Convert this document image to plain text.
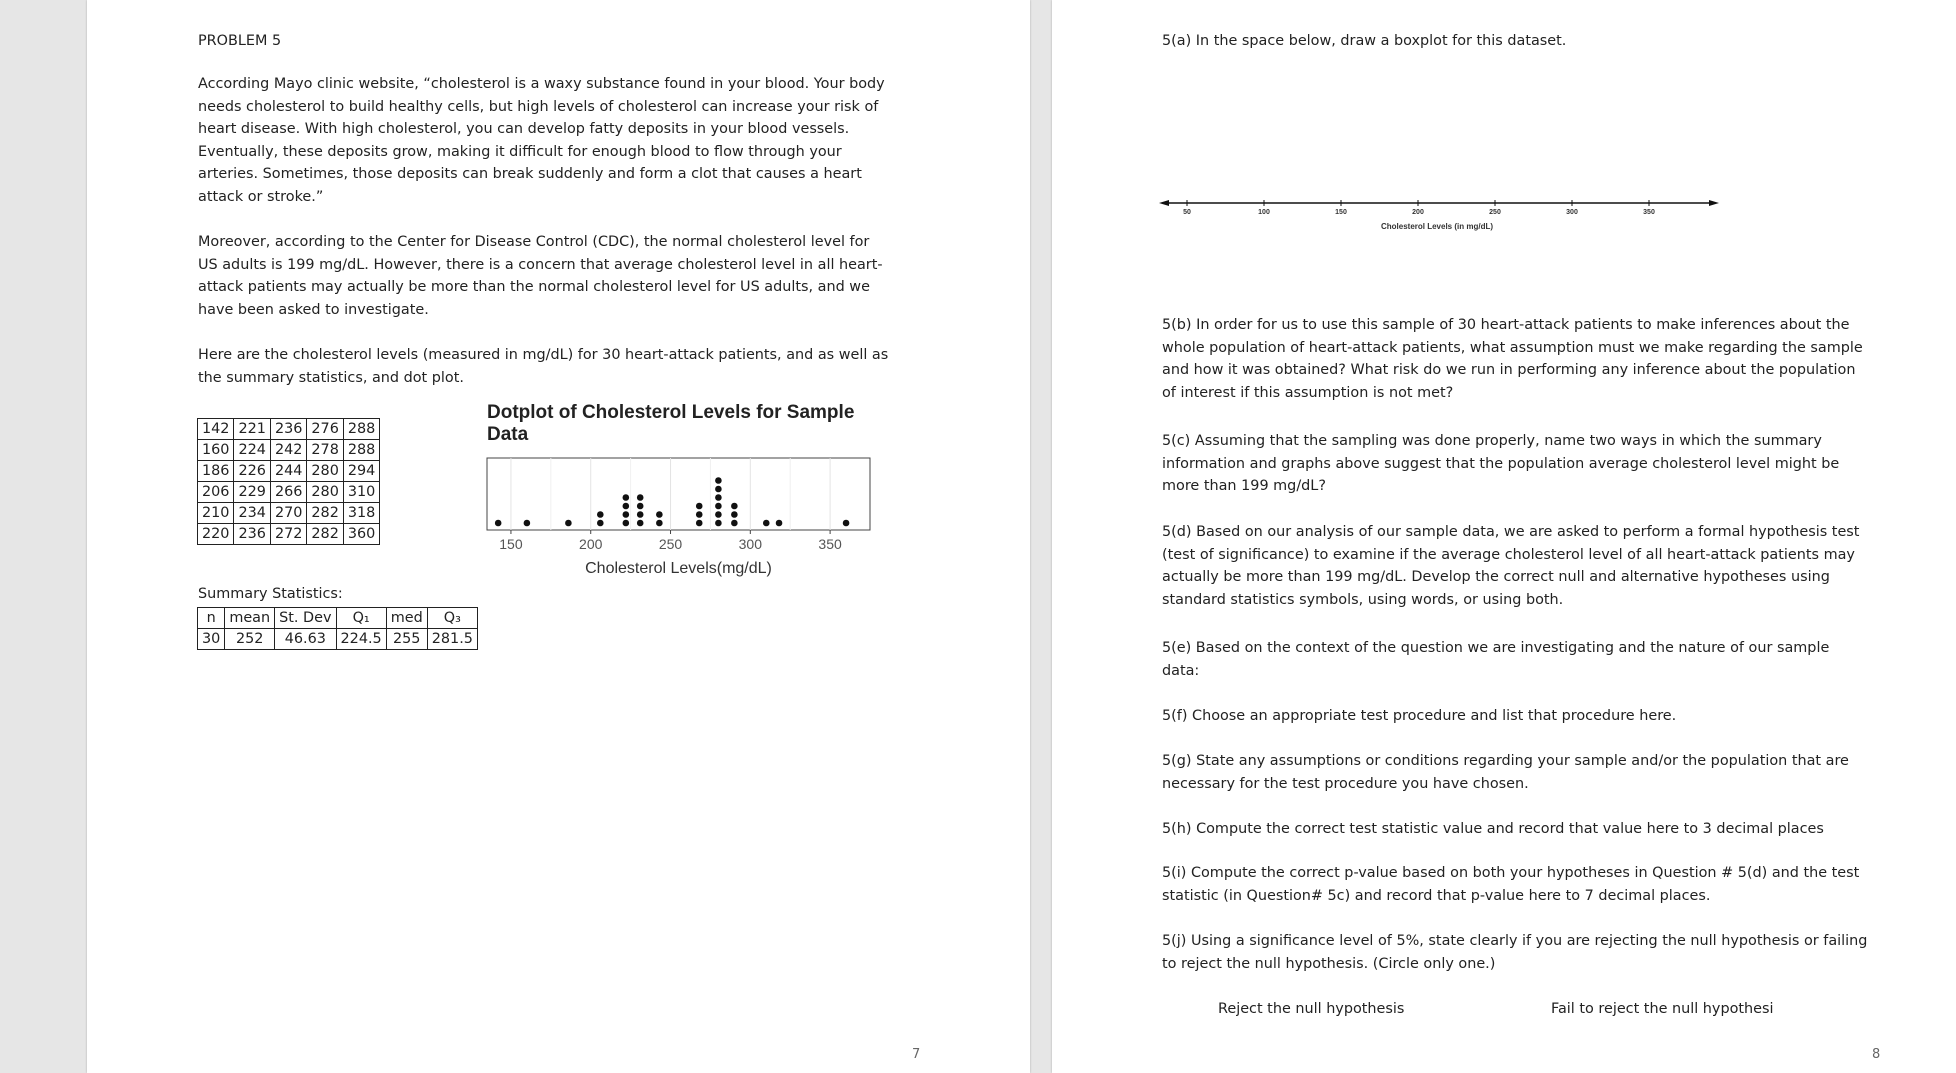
PROBLEM 5
According Mayo clinic website, “cholesterol is a waxy substance found in your blood. Your body
needs cholesterol to build healthy cells, but high levels of cholesterol can increase your risk of
heart disease. With high cholesterol, you can develop fatty deposits in your blood vessels.
Eventually, these deposits grow, making it difficult for enough blood to flow through your
arteries. Sometimes, those deposits can break suddenly and form a clot that causes a heart
attack or stroke.”
Moreover, according to the Center for Disease Control (CDC), the normal cholesterol level for
US adults is 199 mg/dL. However, there is a concern that average cholesterol level in all heart-
attack patients may actually be more than the normal cholesterol level for US adults, and we
have been asked to investigate.
Here are the cholesterol levels (measured in mg/dL) for 30 heart-attack patients, and as well as
the summary statistics, and dot plot.
142	221	236	276	288
160	224	242	278	288
186	226	244	280	294
206	229	266	280	310
210	234	270	282	318
220	236	272	282	360
Summary Statistics:
n	mean	St. Dev	Q₁	med	Q₃
30	252	46.63	224.5	255	281.5
Dotplot of Cholesterol Levels for Sample
Data
150	200	250	300	350
Cholesterol Levels(mg/dL)
7
5(a) In the space below, draw a boxplot for this dataset.
50	100	150	200	250	300	350
Cholesterol Levels (in mg/dL)
5(b) In order for us to use this sample of 30 heart-attack patients to make inferences about the
whole population of heart-attack patients, what assumption must we make regarding the sample
and how it was obtained? What risk do we run in performing any inference about the population
of interest if this assumption is not met?
5(c) Assuming that the sampling was done properly, name two ways in which the summary
information and graphs above suggest that the population average cholesterol level might be
more than 199 mg/dL?
5(d) Based on our analysis of our sample data, we are asked to perform a formal hypothesis test
(test of significance) to examine if the average cholesterol level of all heart-attack patients may
actually be more than 199 mg/dL. Develop the correct null and alternative hypotheses using
standard statistics symbols, using words, or using both.
5(e) Based on the context of the question we are investigating and the nature of our sample
data:
5(f) Choose an appropriate test procedure and list that procedure here.
5(g) State any assumptions or conditions regarding your sample and/or the population that are
necessary for the test procedure you have chosen.
5(h) Compute the correct test statistic value and record that value here to 3 decimal places
5(i) Compute the correct p-value based on both your hypotheses in Question # 5(d) and the test
statistic (in Question# 5c) and record that p-value here to 7 decimal places.
5(j) Using a significance level of 5%, state clearly if you are rejecting the null hypothesis or failing
to reject the null hypothesis. (Circle only one.)
Reject the null hypothesis	Fail to reject the null hypothesi
8
